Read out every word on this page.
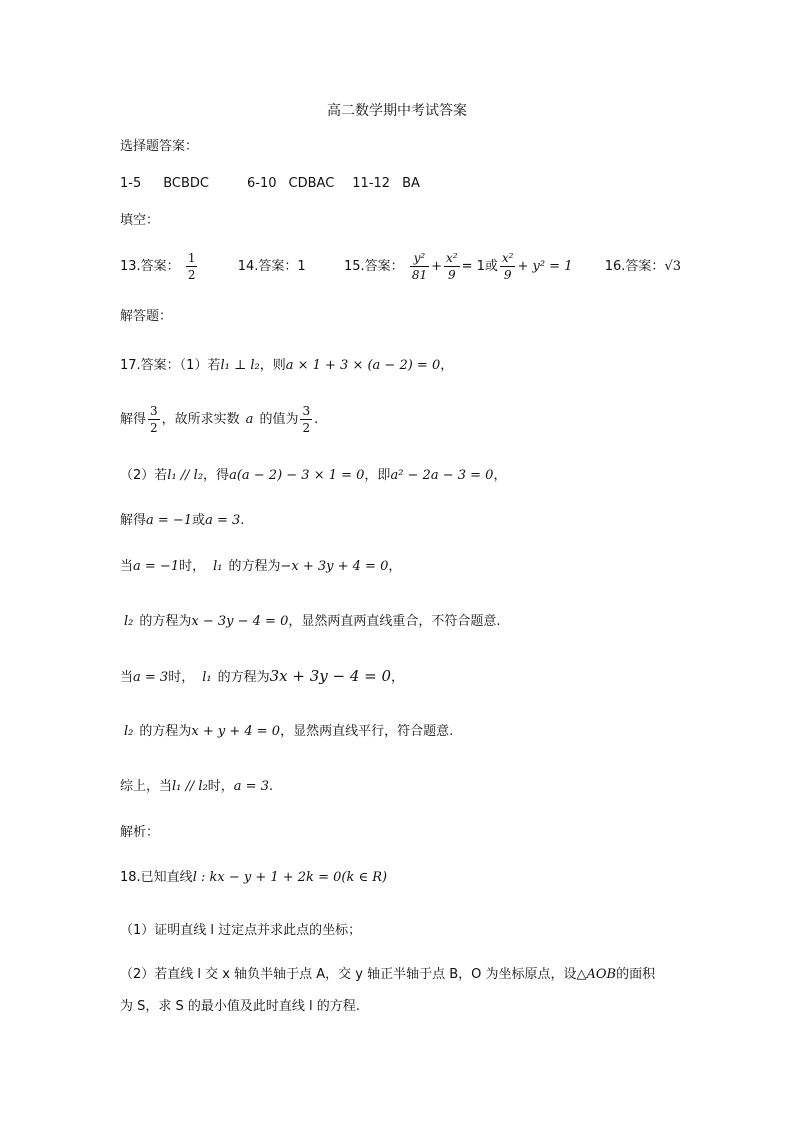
高二数学期中考试答案
选择题答案：
1-5 BCBDC	6-10 CDBAC 11-12 BA
填空：
13.答案： $\frac{1}{2}$	14.答案：1	15.答案： $\frac{\text{y²}}{81} + \frac{\text{x²}}{9} = 1$或 $\frac{\text{x²}}{9} + y^2 = 1$ 16.答案：√3
解答题：
17.答案：（1）若l₁ ⊥ l₂，则a × 1 + 3 × (a − 2) = 0，
解得 $\frac{3}{2}$ ，故所求实数 a 的值为 $\frac{3}{2}$ .
（2）若l₁ // l₂，得a(a − 2) − 3 × 1 = 0，即a² − 2a − 3 = 0，
解得a = −1或a = 3.
当a = −1时， l₁ 的方程为−x + 3y + 4 = 0，
l₂ 的方程为x − 3y − 4 = 0，显然两直两直线重合，不符合题意.
当a = 3时， l₁ 的方程为3x + 3y − 4 = 0，
l₂ 的方程为x + y + 4 = 0，显然两直线平行，符合题意.
综上，当l₁ // l₂时，a = 3.
解析：
18.已知直线l : kx − y + 1 + 2k = 0(k ∈ R)
（1）证明直线 l 过定点并求此点的坐标；
（2）若直线 l 交 x 轴负半轴于点 A，交 y 轴正半轴于点 B，O 为坐标原点，设△AOB的面积
为 S，求 S 的最小值及此时直线 l 的方程.
